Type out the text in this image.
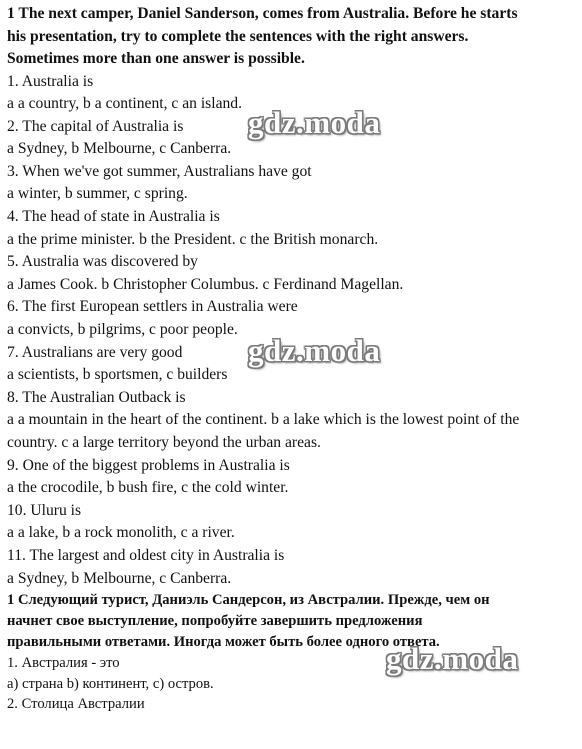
1 The next camper, Daniel Sanderson, comes from Australia. Before he starts

his presentation, try to complete the sentences with the right answers.

Sometimes more than one answer is possible.

1. Australia is

a a country, b a continent, c an island.

2. The capital of Australia is

a Sydney, b Melbourne, c Canberra.

3. When we've got summer, Australians have got

a winter, b summer, c spring.

4. The head of state in Australia is

a the prime minister. b the President. c the British monarch.

5. Australia was discovered by

a James Cook. b Christopher Columbus. c Ferdinand Magellan.

6. The first European settlers in Australia were

a convicts, b pilgrims, c poor people.

7. Australians are very good

a scientists, b sportsmen, c builders

8. The Australian Outback is

a a mountain in the heart of the continent. b a lake which is the lowest point of the

country. c a large territory beyond the urban areas.

9. One of the biggest problems in Australia is

a the crocodile, b bush fire, c the cold winter.

10. Uluru is

a a lake, b a rock monolith, c a river.

11. The largest and oldest city in Australia is

a Sydney, b Melbourne, c Canberra.

1 Следующий турист, Даниэль Сандерсон, из Австралии. Прежде, чем он

начнет свое выступление, попробуйте завершить предложения

правильными ответами. Иногда может быть более одного ответа.

1. Австралия - это

а) страна b) континент, с) остров.

2. Столица Австралии

gdz.moda
gdz.moda
gdz.moda
